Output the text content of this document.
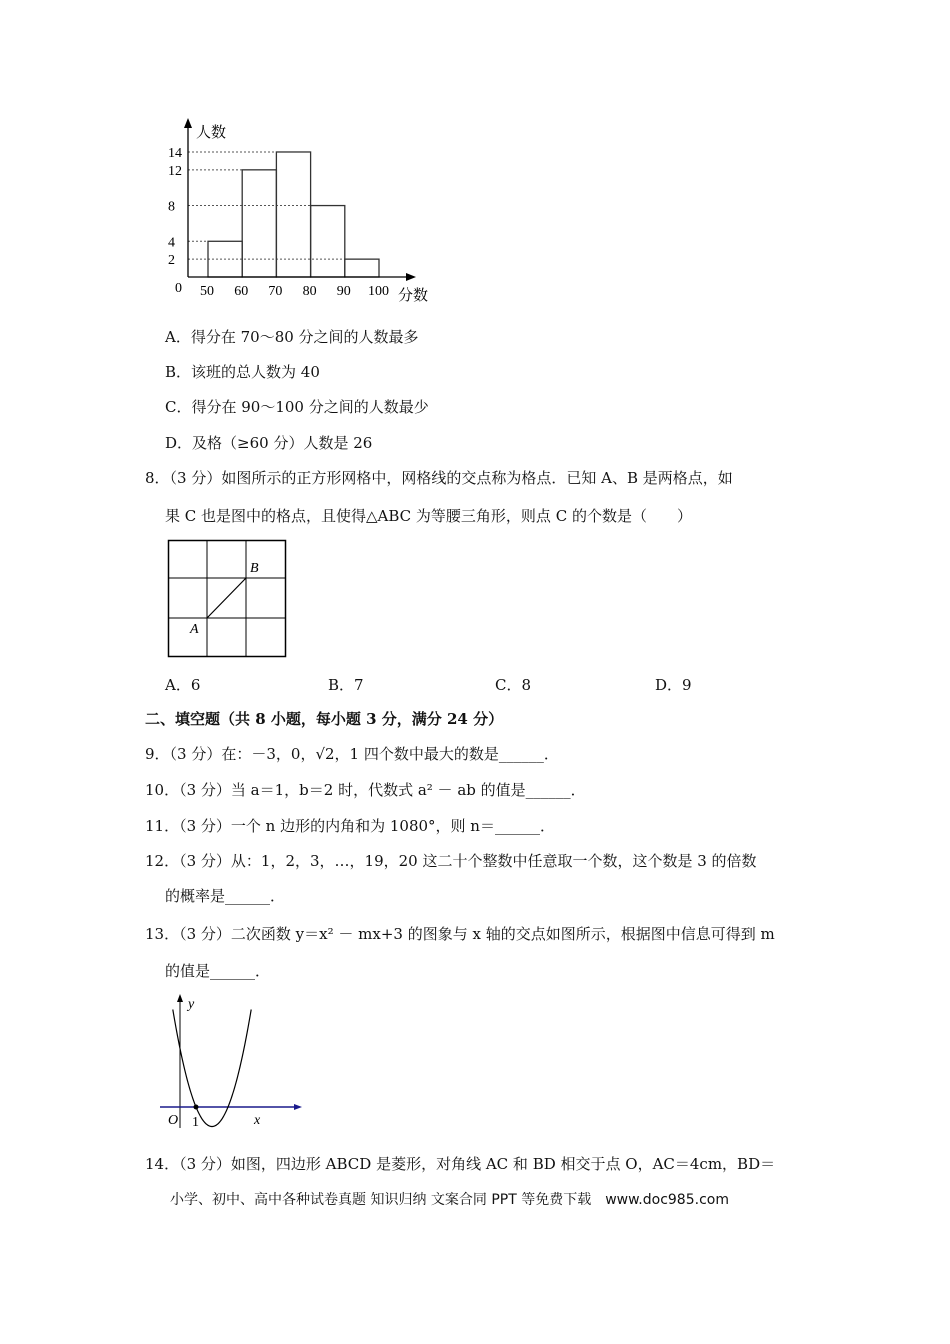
人数
分数
0
2
4
8
12
14
50 60 70 80 90 100
A．得分在 70～80 分之间的人数最多
B．该班的总人数为 40
C．得分在 90～100 分之间的人数最少
D．及格（≥60 分）人数是 26
8．（3 分）如图所示的正方形网格中，网格线的交点称为格点．已知 A、B 是两格点，如
果 C 也是图中的格点，且使得△ABC 为等腰三角形，则点 C 的个数是（　　）
B
A
A．6	B．7	C．8	D．9
二、填空题（共 8 小题，每小题 3 分，满分 24 分）
9．（3 分）在：－3，0，√2，1 四个数中最大的数是______．
10．（3 分）当 a＝1，b＝2 时，代数式 a² － ab 的值是______．
11．（3 分）一个 n 边形的内角和为 1080°，则 n＝______．
12．（3 分）从：1，2，3，…，19，20 这二十个整数中任意取一个数，这个数是 3 的倍数
的概率是______．
13．（3 分）二次函数 y＝x² － mx+3 的图象与 x 轴的交点如图所示，根据图中信息可得到 m
的值是______．
y
x
O 1
14．（3 分）如图，四边形 ABCD 是菱形，对角线 AC 和 BD 相交于点 O，AC＝4cm，BD＝
小学、初中、高中各种试卷真题 知识归纳 文案合同 PPT 等免费下载　www.doc985.com
